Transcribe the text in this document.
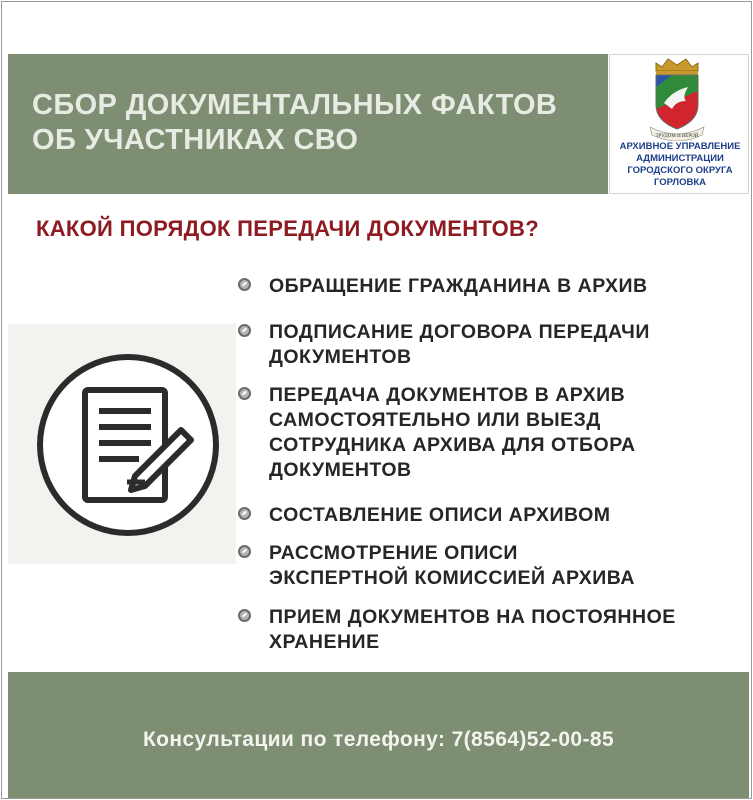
СБОР ДОКУМЕНТАЛЬНЫХ ФАКТОВ ОБ УЧАСТНИКАХ СВО	ТРУДОМ И ВЕРОЙ
АРХИВНОЕ УПРАВЛЕНИЕ
АДМИНИСТРАЦИИ
ГОРОДСКОГО ОКРУГА
ГОРЛОВКА
КАКОЙ ПОРЯДОК ПЕРЕДАЧИ ДОКУМЕНТОВ?
ОБРАЩЕНИЕ ГРАЖДАНИНА В АРХИВ
ПОДПИСАНИЕ ДОГОВОРА ПЕРЕДАЧИ
ДОКУМЕНТОВ
ПЕРЕДАЧА ДОКУМЕНТОВ В АРХИВ
САМОСТОЯТЕЛЬНО ИЛИ ВЫЕЗД
СОТРУДНИКА АРХИВА ДЛЯ ОТБОРА
ДОКУМЕНТОВ
СОСТАВЛЕНИЕ ОПИСИ АРХИВОМ
РАССМОТРЕНИЕ ОПИСИ
ЭКСПЕРТНОЙ КОМИССИЕЙ АРХИВА
ПРИЕМ ДОКУМЕНТОВ НА ПОСТОЯННОЕ
ХРАНЕНИЕ
Консультации по телефону: 7(8564)52-00-85
